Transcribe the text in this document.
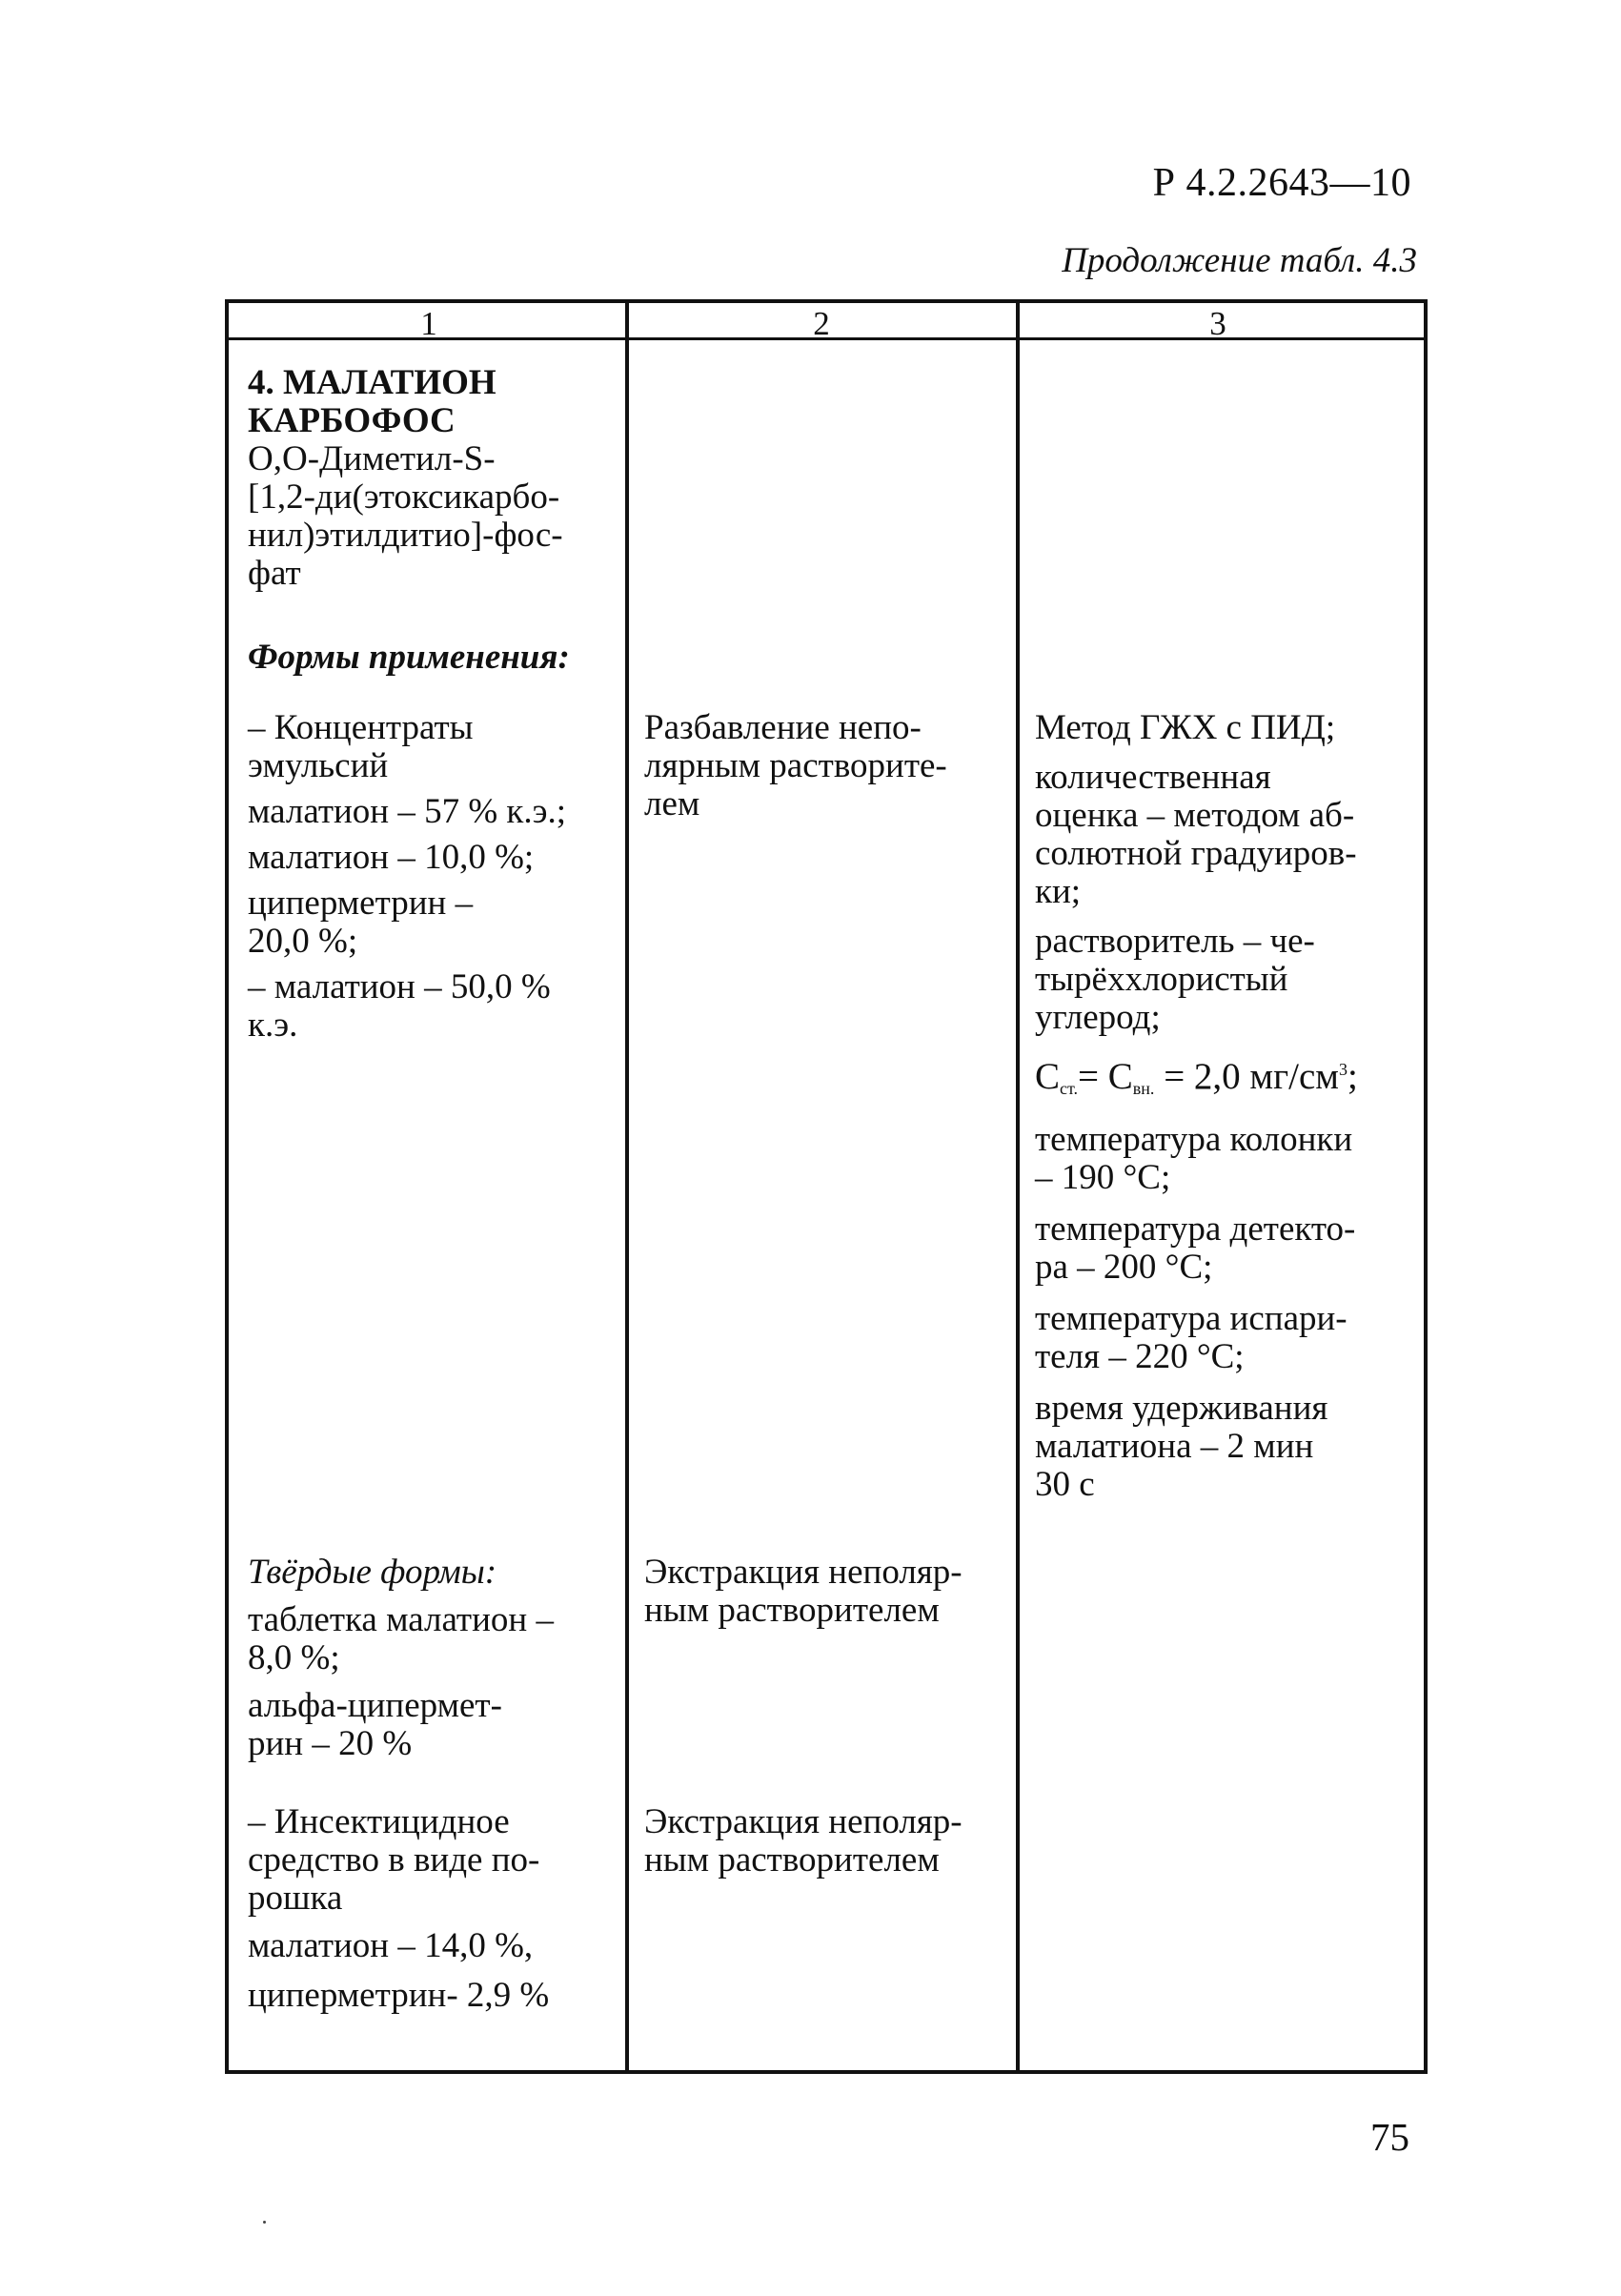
Р 4.2.2643—10
Продолжение табл. 4.3
1	2	3

4. МАЛАТИОН

КАРБОФОС

О,О-Диметил-S-

[1,2-ди(этоксикарбо-

нил)этилдитио]-фос-

фат

Формы применения:

– Концентраты

эмульсий

малатион – 57 % к.э.;

малатион – 10,0 %;

циперметрин –

20,0 %;

– малатион – 50,0 %

к.э.

Твёрдые формы:

таблетка малатион –

8,0 %;

альфа-ципермет-

рин – 20 %

– Инсектицидное

средство в виде по-

рошка

малатион – 14,0 %,

циперметрин- 2,9 %

Разбавление непо-

лярным растворите-

лем

Экстракция неполяр-

ным растворителем

Экстракция неполяр-

ным растворителем

Метод ГЖХ с ПИД;

количественная

оценка – методом аб-

солютной градуиров-

ки;

растворитель – че-

тырёххлористый

углерод;

$C_{ст.}= C_{вн.} = 2,0$ $мг/см^3$;

температура колонки

– 190 °С;

температура детекто-

ра – 200 °С;

температура испари-

теля – 220 °С;

время удерживания

малатиона – 2 мин

30 с

75
